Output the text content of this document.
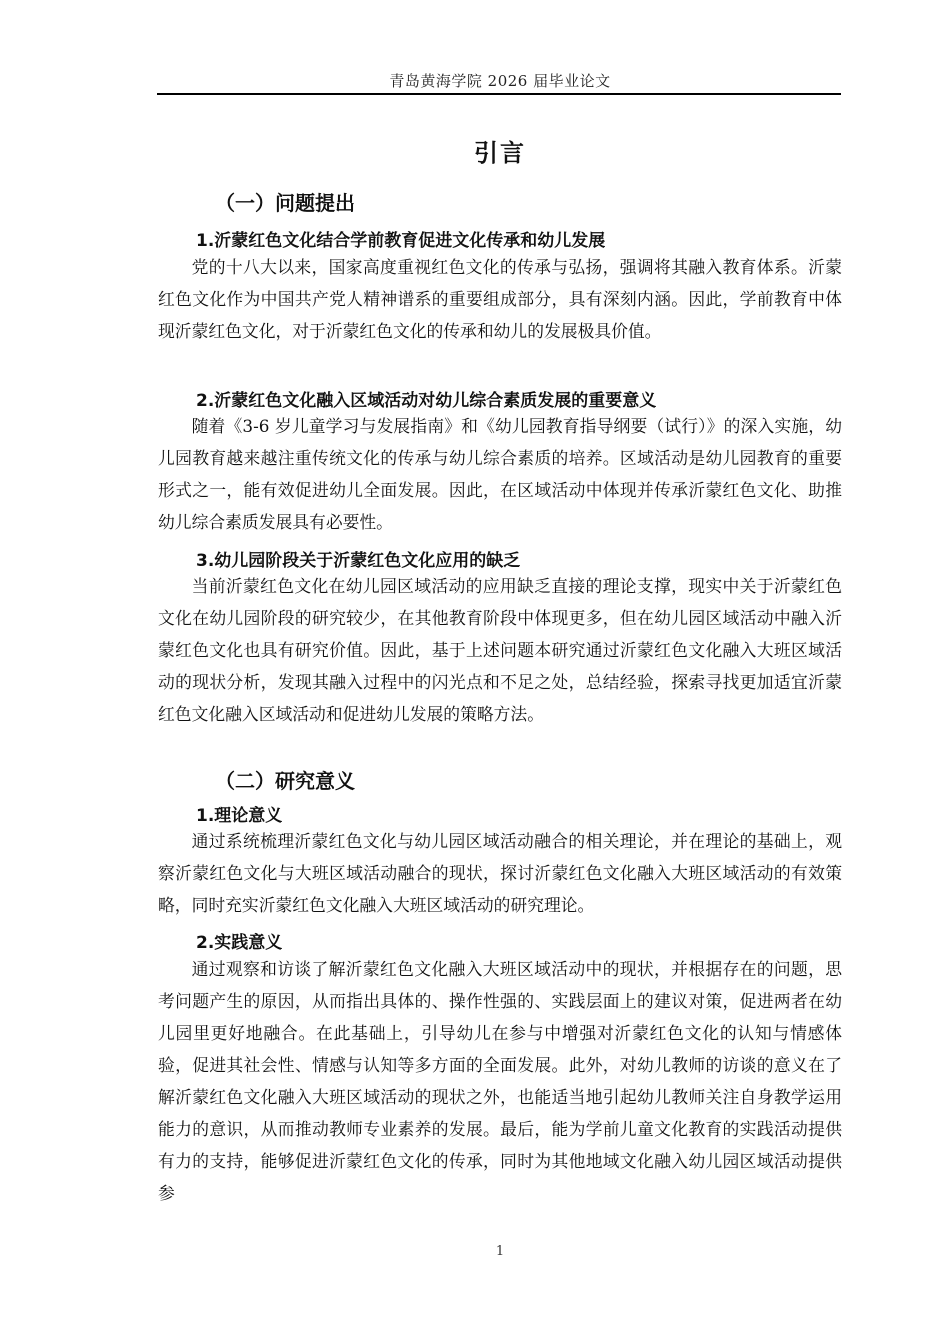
青岛黄海学院 2026 届毕业论文
引言
（一）问题提出
1.沂蒙红色文化结合学前教育促进文化传承和幼儿发展

党的十八大以来，国家高度重视红色文化的传承与弘扬，强调将其融入教育体系。沂蒙红色文化作为中国共产党人精神谱系的重要组成部分，具有深刻内涵。因此，学前教育中体现沂蒙红色文化，对于沂蒙红色文化的传承和幼儿的发展极具价值。

2.沂蒙红色文化融入区域活动对幼儿综合素质发展的重要意义

随着《3-6 岁儿童学习与发展指南》和《幼儿园教育指导纲要（试行）》的深入实施，幼儿园教育越来越注重传统文化的传承与幼儿综合素质的培养。区域活动是幼儿园教育的重要形式之一，能有效促进幼儿全面发展。因此，在区域活动中体现并传承沂蒙红色文化、助推幼儿综合素质发展具有必要性。

3.幼儿园阶段关于沂蒙红色文化应用的缺乏

当前沂蒙红色文化在幼儿园区域活动的应用缺乏直接的理论支撑，现实中关于沂蒙红色文化在幼儿园阶段的研究较少，在其他教育阶段中体现更多，但在幼儿园区域活动中融入沂蒙红色文化也具有研究价值。因此，基于上述问题本研究通过沂蒙红色文化融入大班区域活动的现状分析，发现其融入过程中的闪光点和不足之处，总结经验，探索寻找更加适宜沂蒙红色文化融入区域活动和促进幼儿发展的策略方法。

（二）研究意义
1.理论意义

通过系统梳理沂蒙红色文化与幼儿园区域活动融合的相关理论，并在理论的基础上，观察沂蒙红色文化与大班区域活动融合的现状，探讨沂蒙红色文化融入大班区域活动的有效策略，同时充实沂蒙红色文化融入大班区域活动的研究理论。

2.实践意义

通过观察和访谈了解沂蒙红色文化融入大班区域活动中的现状，并根据存在的问题，思考问题产生的原因，从而指出具体的、操作性强的、实践层面上的建议对策，促进两者在幼儿园里更好地融合。在此基础上，引导幼儿在参与中增强对沂蒙红色文化的认知与情感体验，促进其社会性、情感与认知等多方面的全面发展。此外，对幼儿教师的访谈的意义在了解沂蒙红色文化融入大班区域活动的现状之外，也能适当地引起幼儿教师关注自身教学运用能力的意识，从而推动教师专业素养的发展。最后，能为学前儿童文化教育的实践活动提供有力的支持，能够促进沂蒙红色文化的传承，同时为其他地域文化融入幼儿园区域活动提供参

1
